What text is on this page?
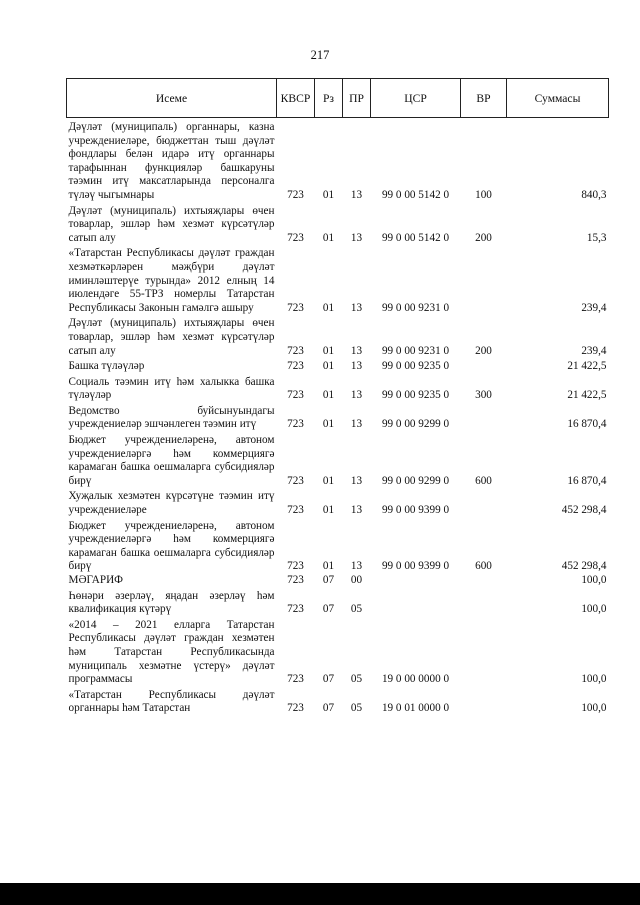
217
Исеме	КВСР	Рз	ПР	ЦСР	ВР	Суммасы
Дәүләт (муниципаль) органнары, казна учреждениеләре, бюджеттан тыш дәүләт фондлары белән идарә итү органнары тарафыннан функцияләр башкаруны тәэмин итү максатларында персоналга түләү чыгымнары	723	01	13	99 0 00 5142 0	100	840,3
Дәүләт (муниципаль) ихтыяҗлары өчен товарлар, эшләр һәм хезмәт күрсәтүләр сатып алу	723	01	13	99 0 00 5142 0	200	15,3
«Татарстан Республикасы дәүләт граждан хезмәткәрләрен мәҗбүри дәүләт иминләштерүе турында» 2012 елның 14 июлендәге 55-ТРЗ номерлы Татарстан Республикасы Законын гамәлгә ашыру	723	01	13	99 0 00 9231 0		239,4
Дәүләт (муниципаль) ихтыяҗлары өчен товарлар, эшләр һәм хезмәт күрсәтүләр сатып алу	723	01	13	99 0 00 9231 0	200	239,4
Башка түләүләр	723	01	13	99 0 00 9235 0		21 422,5
Социаль тәэмин итү һәм халыкка башка түләүләр	723	01	13	99 0 00 9235 0	300	21 422,5
Ведомство буйсынуындагы учреждениеләр эшчәнлеген тәэмин итү	723	01	13	99 0 00 9299 0		16 870,4
Бюджет учреждениеләренә, автоном учреждениеләргә һәм коммерциягә карамаган башка оешмаларга субсидияләр бирү	723	01	13	99 0 00 9299 0	600	16 870,4
Хуҗалык хезмәтен күрсәтүне тәэмин итү учреждениеләре	723	01	13	99 0 00 9399 0		452 298,4
Бюджет учреждениеләренә, автоном учреждениеләргә һәм коммерциягә карамаган башка оешмаларга субсидияләр бирү	723	01	13	99 0 00 9399 0	600	452 298,4
МӘГАРИФ	723	07	00			100,0
Һөнәри әзерләү, яңадан әзерләү һәм квалификация күтәрү	723	07	05			100,0
«2014 – 2021 елларга Татарстан Республикасы дәүләт граждан хезмәтен һәм Татарстан Республикасында муниципаль хезмәтне үстерү» дәүләт программасы	723	07	05	19 0 00 0000 0		100,0
«Татарстан Республикасы дәүләт органнары һәм Татарстан	723	07	05	19 0 01 0000 0		100,0
